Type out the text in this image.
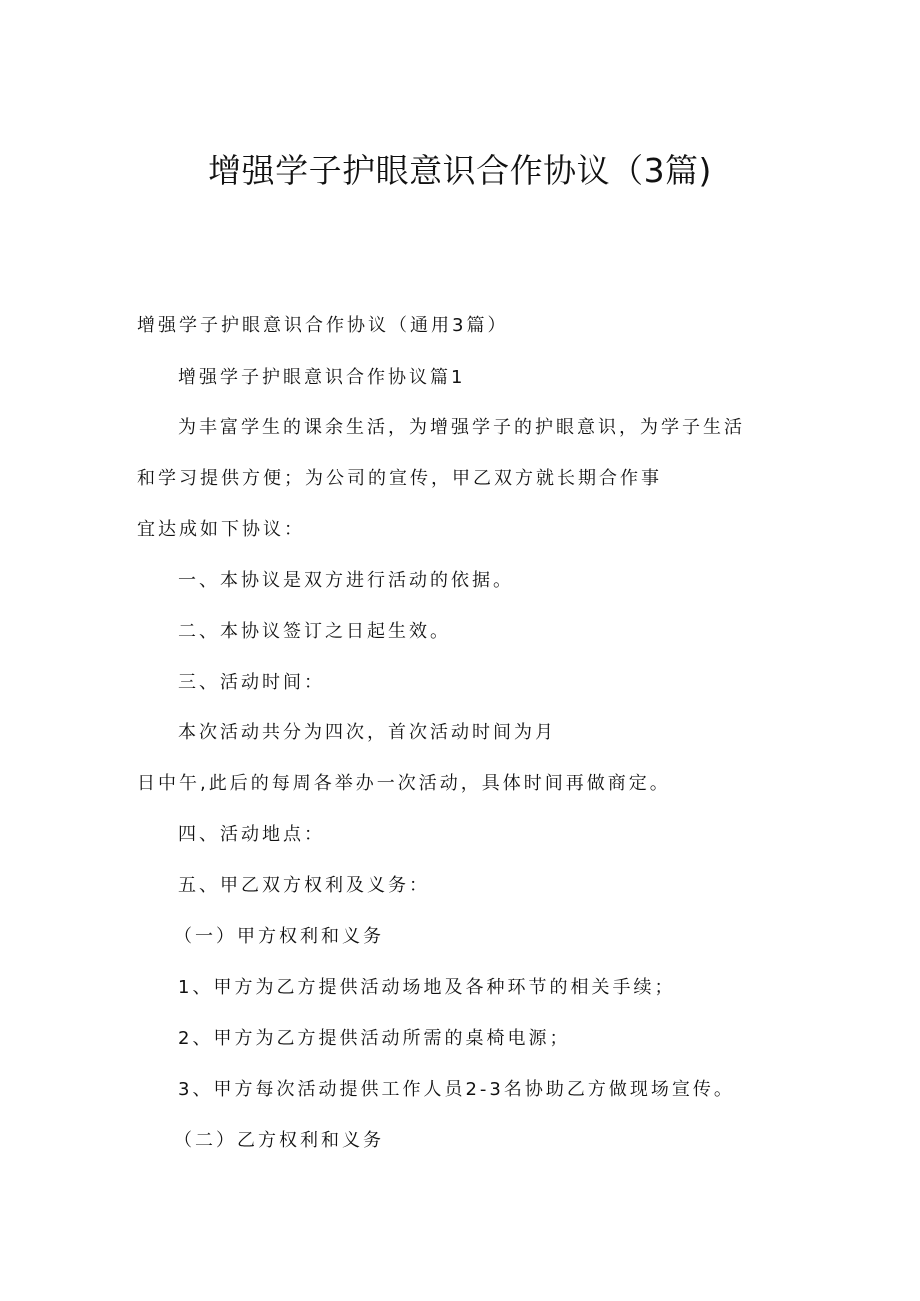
增强学子护眼意识合作协议（3篇)

增强学子护眼意识合作协议（通用3篇）

增强学子护眼意识合作协议篇1

为丰富学生的课余生活，为增强学子的护眼意识，为学子生活

和学习提供方便；为公司的宣传，甲乙双方就长期合作事

宜达成如下协议：

一、本协议是双方进行活动的依据。

二、本协议签订之日起生效。

三、活动时间：

本次活动共分为四次，首次活动时间为月

日中午,此后的每周各举办一次活动，具体时间再做商定。

四、活动地点：

五、甲乙双方权利及义务：

（一）甲方权利和义务

1、甲方为乙方提供活动场地及各种环节的相关手续；

2、甲方为乙方提供活动所需的桌椅电源；

3、甲方每次活动提供工作人员2-3名协助乙方做现场宣传。

（二）乙方权利和义务
